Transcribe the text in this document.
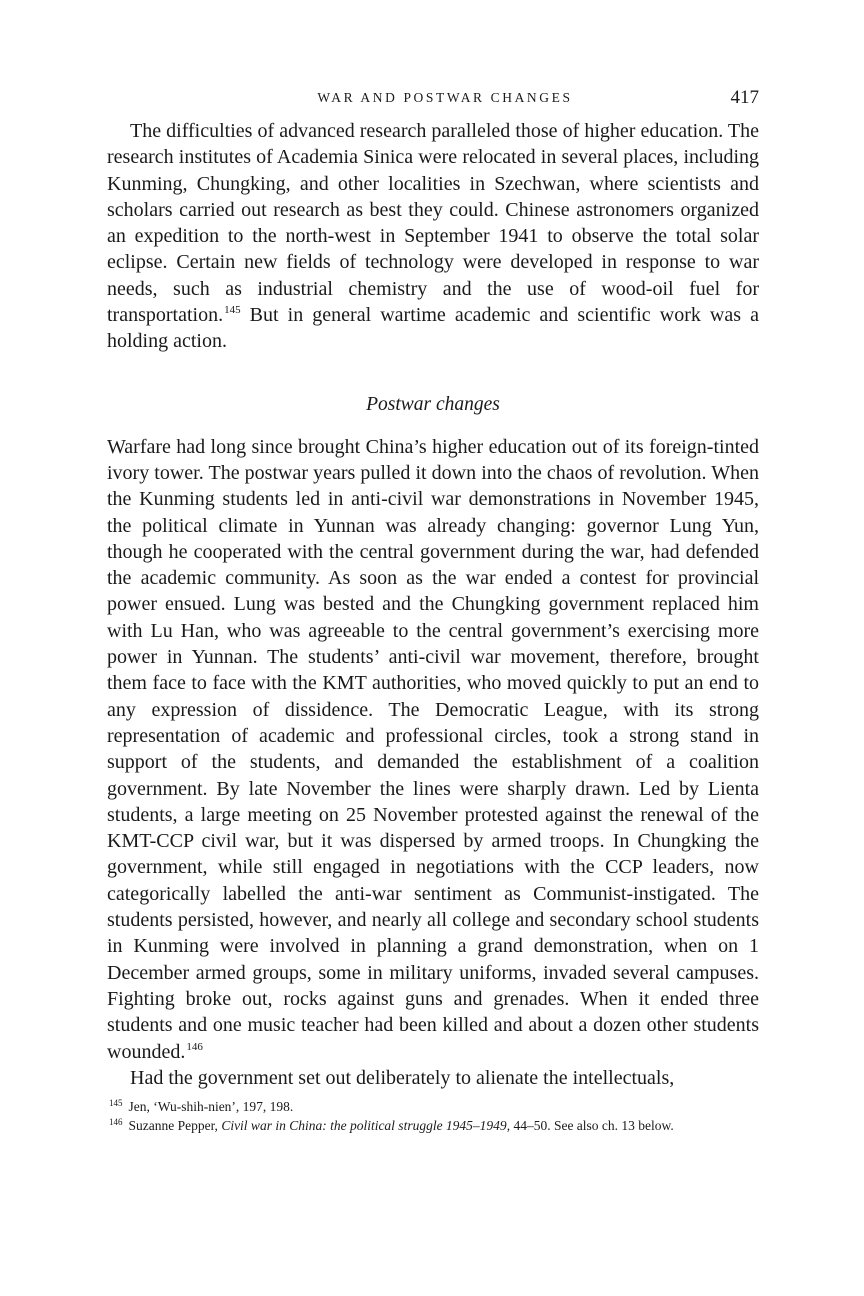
WAR AND POSTWAR CHANGES	417

The difficulties of advanced research paralleled those of higher education. The research institutes of Academia Sinica were relocated in several places, including Kunming, Chungking, and other localities in Szechwan, where scientists and scholars carried out research as best they could. Chinese astronomers organized an expedition to the north-west in September 1941 to observe the total solar eclipse. Certain new fields of technology were developed in response to war needs, such as industrial chemistry and the use of wood-oil fuel for transportation.$^{145}$ But in general wartime academic and scientific work was a holding action.

Postwar changes

Warfare had long since brought China’s higher education out of its foreign-tinted ivory tower. The postwar years pulled it down into the chaos of revolution. When the Kunming students led in anti-civil war demonstrations in November 1945, the political climate in Yunnan was already changing: governor Lung Yun, though he cooperated with the central government during the war, had defended the academic community. As soon as the war ended a contest for provincial power ensued. Lung was bested and the Chungking government replaced him with Lu Han, who was agreeable to the central government’s exercising more power in Yunnan. The students’ anti-civil war movement, therefore, brought them face to face with the KMT authorities, who moved quickly to put an end to any expression of dissidence. The Democratic League, with its strong representation of academic and professional circles, took a strong stand in support of the students, and demanded the establishment of a coalition government. By late November the lines were sharply drawn. Led by Lienta students, a large meeting on 25 November protested against the renewal of the KMT-CCP civil war, but it was dispersed by armed troops. In Chungking the government, while still engaged in negotiations with the CCP leaders, now categorically labelled the anti-war sentiment as Communist-instigated. The students persisted, however, and nearly all college and secondary school students in Kunming were involved in planning a grand demonstration, when on 1 December armed groups, some in military uniforms, invaded several campuses. Fighting broke out, rocks against guns and grenades. When it ended three students and one music teacher had been killed and about a dozen other students wounded.$^{146}$

Had the government set out deliberately to alienate the intellectuals,

$^{145}$ Jen, ‘Wu-shih-nien’, 197, 198.

$^{146}$ Suzanne Pepper, Civil war in China: the political struggle 1945–1949, 44–50. See also ch. 13 below.
